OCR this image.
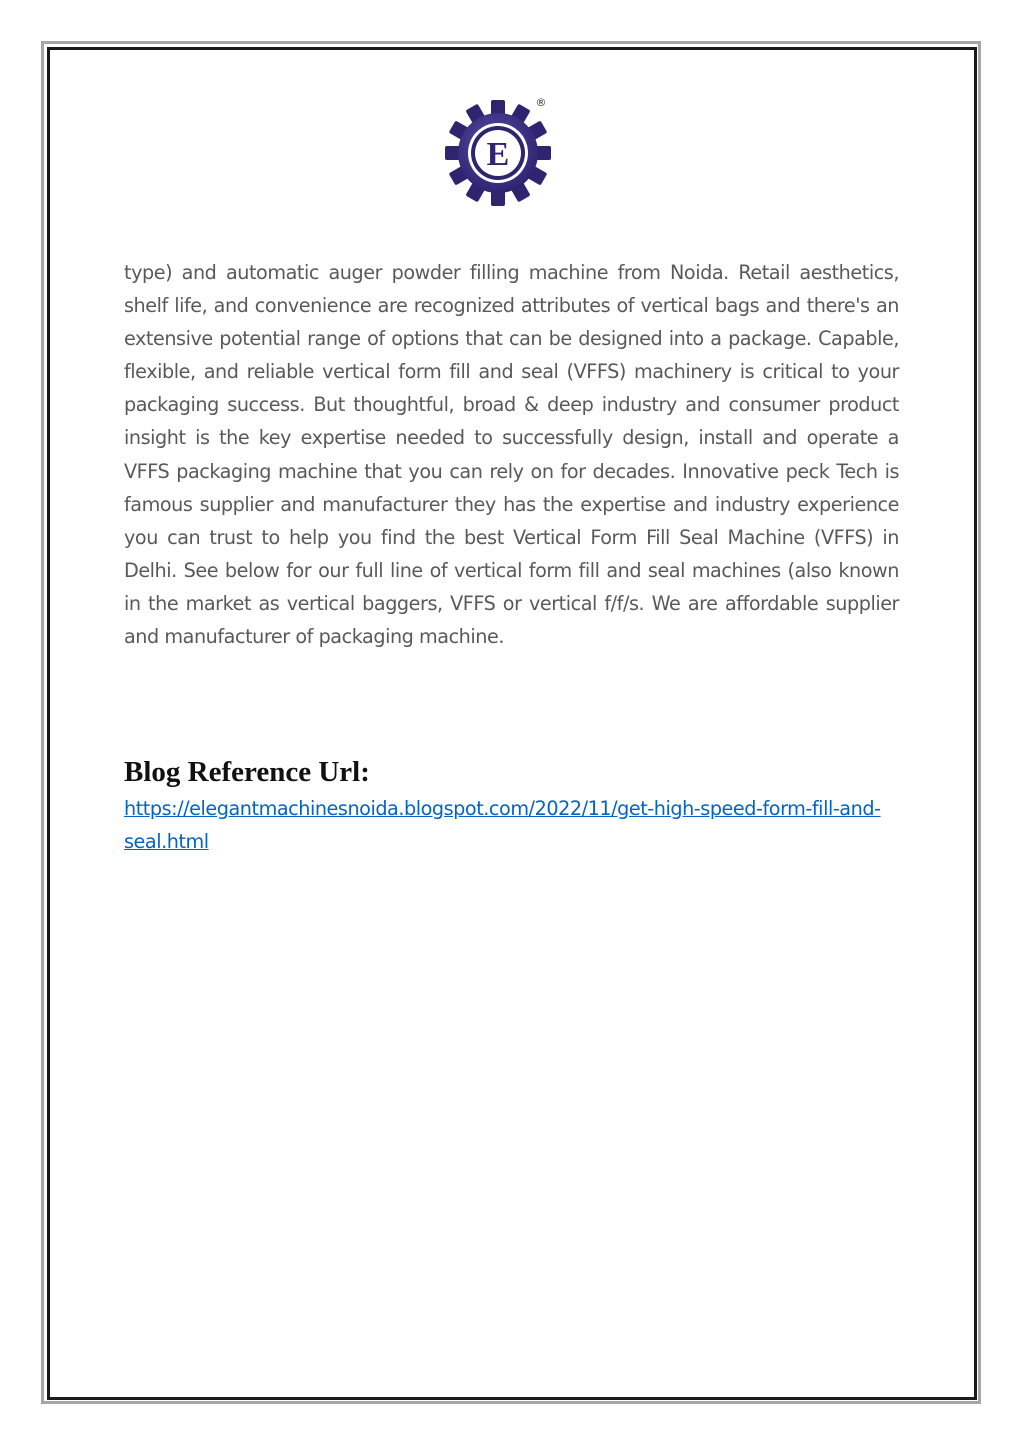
E
®

type) and automatic auger powder filling machine from Noida. Retail aesthetics, shelf life, and convenience are recognized attributes of vertical bags and there's an extensive potential range of options that can be designed into a package. Capable, flexible, and reliable vertical form fill and seal (VFFS) machinery is critical to your packaging success. But thoughtful, broad & deep industry and consumer product insight is the key expertise needed to successfully design, install and operate a VFFS packaging machine that you can rely on for decades. Innovative peck Tech is famous supplier and manufacturer they has the expertise and industry experience you can trust to help you find the best Vertical Form Fill Seal Machine (VFFS) in Delhi. See below for our full line of vertical form fill and seal machines (also known in the market as vertical baggers, VFFS or vertical f/f/s. We are affordable supplier and manufacturer of packaging machine.

Blog Reference Url:
https://elegantmachinesnoida.blogspot.com/2022/11/get-high-speed-form-fill-and-seal.html
